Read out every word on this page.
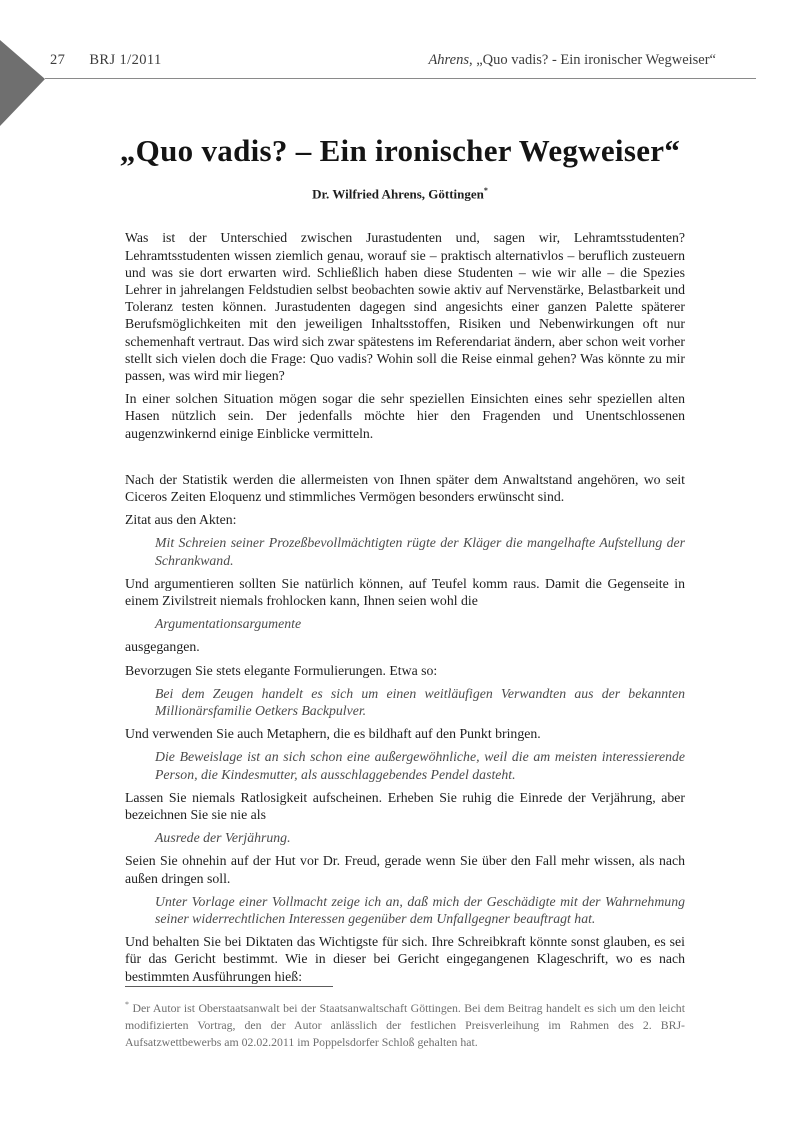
27 BRJ 1/2011	Ahrens, „Quo vadis? - Ein ironischer Wegweiser“
„Quo vadis? – Ein ironischer Wegweiser“
Dr. Wilfried Ahrens, Göttingen*

Was ist der Unterschied zwischen Jurastudenten und, sagen wir, Lehramtsstudenten? Lehramtsstudenten wissen ziemlich genau, worauf sie – praktisch alternativlos – beruflich zusteuern und was sie dort erwarten wird. Schließlich haben diese Studenten – wie wir alle – die Spezies Lehrer in jahrelangen Feldstudien selbst beobachten sowie aktiv auf Nervenstärke, Belastbarkeit und Toleranz testen können. Jurastudenten dagegen sind angesichts einer ganzen Palette späterer Berufsmöglichkeiten mit den jeweiligen Inhaltsstoffen, Risiken und Nebenwirkungen oft nur schemenhaft vertraut. Das wird sich zwar spätestens im Referendariat ändern, aber schon weit vorher stellt sich vielen doch die Frage: Quo vadis? Wohin soll die Reise einmal gehen? Was könnte zu mir passen, was wird mir liegen?

In einer solchen Situation mögen sogar die sehr speziellen Einsichten eines sehr speziellen alten Hasen nützlich sein. Der jedenfalls möchte hier den Fragenden und Unentschlossenen augenzwinkernd einige Einblicke vermitteln.

Nach der Statistik werden die allermeisten von Ihnen später dem Anwaltstand angehören, wo seit Ciceros Zeiten Eloquenz und stimmliches Vermögen besonders erwünscht sind.

Zitat aus den Akten:

Mit Schreien seiner Prozeßbevollmächtigten rügte der Kläger die mangelhafte Aufstellung der Schrankwand.

Und argumentieren sollten Sie natürlich können, auf Teufel komm raus. Damit die Gegenseite in einem Zivilstreit niemals frohlocken kann, Ihnen seien wohl die

Argumentationsargumente

ausgegangen.

Bevorzugen Sie stets elegante Formulierungen. Etwa so:

Bei dem Zeugen handelt es sich um einen weitläufigen Verwandten aus der bekannten Millionärsfamilie Oetkers Backpulver.

Und verwenden Sie auch Metaphern, die es bildhaft auf den Punkt bringen.

Die Beweislage ist an sich schon eine außergewöhnliche, weil die am meisten interessierende Person, die Kindesmutter, als ausschlaggebendes Pendel dasteht.

Lassen Sie niemals Ratlosigkeit aufscheinen. Erheben Sie ruhig die Einrede der Verjährung, aber bezeichnen Sie sie nie als

Ausrede der Verjährung.

Seien Sie ohnehin auf der Hut vor Dr. Freud, gerade wenn Sie über den Fall mehr wissen, als nach außen dringen soll.

Unter Vorlage einer Vollmacht zeige ich an, daß mich der Geschädigte mit der Wahrnehmung seiner widerrechtlichen Interessen gegenüber dem Unfallgegner beauftragt hat.

Und behalten Sie bei Diktaten das Wichtigste für sich. Ihre Schreibkraft könnte sonst glauben, es sei für das Gericht bestimmt. Wie in dieser bei Gericht eingegangenen Klageschrift, wo es nach bestimmten Ausführungen hieß:

* Der Autor ist Oberstaatsanwalt bei der Staatsanwaltschaft Göttingen. Bei dem Beitrag handelt es sich um den leicht modifizierten Vortrag, den der Autor anlässlich der festlichen Preisverleihung im Rahmen des 2. BRJ-Aufsatzwettbewerbs am 02.02.2011 im Poppelsdorfer Schloß gehalten hat.
